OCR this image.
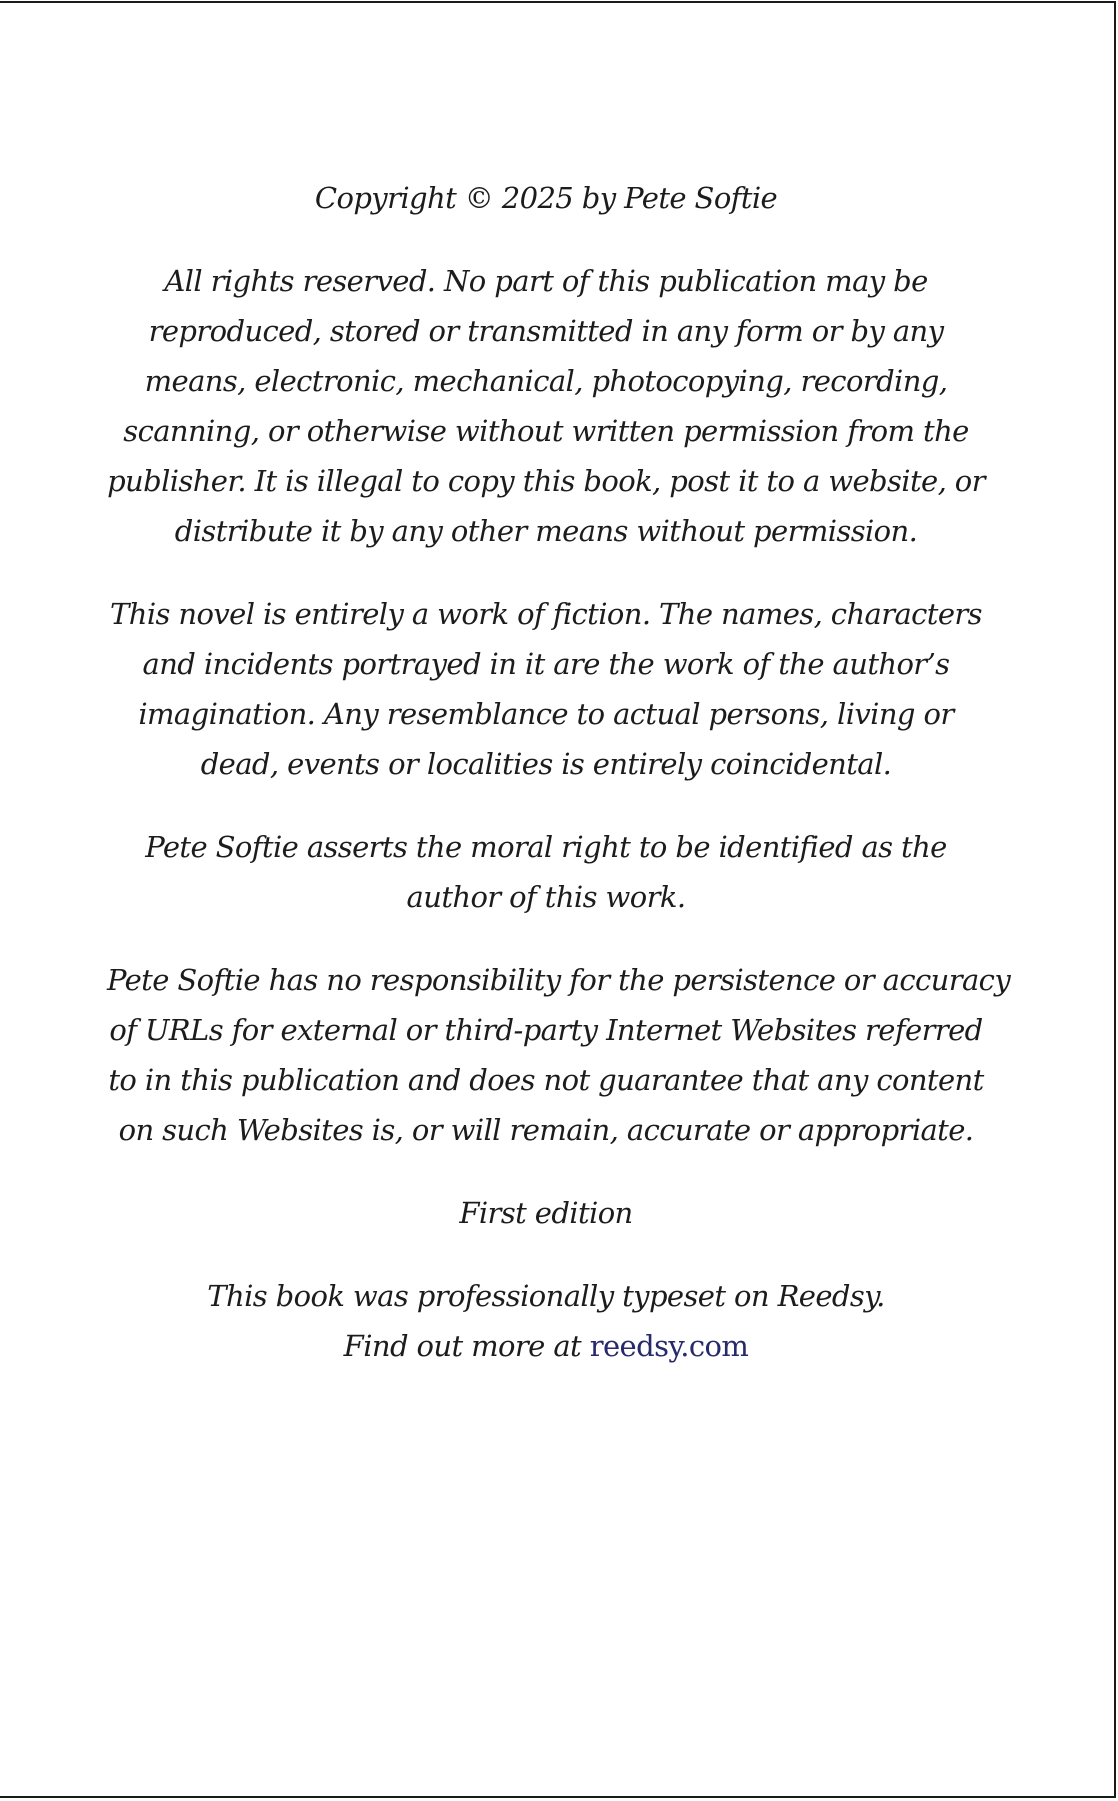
Copyright © 2025 by Pete Softie

All rights reserved. No part of this publication may be
reproduced, stored or transmitted in any form or by any
means, electronic, mechanical, photocopying, recording,
scanning, or otherwise without written permission from the
publisher. It is illegal to copy this book, post it to a website, or
distribute it by any other means without permission.

This novel is entirely a work of fiction. The names, characters
and incidents portrayed in it are the work of the author’s
imagination. Any resemblance to actual persons, living or
dead, events or localities is entirely coincidental.

Pete Softie asserts the moral right to be identified as the
author of this work.

Pete Softie has no responsibility for the persistence or accuracy
of URLs for external or third-party Internet Websites referred
to in this publication and does not guarantee that any content
on such Websites is, or will remain, accurate or appropriate.

First edition

This book was professionally typeset on Reedsy.
Find out more at reedsy.com
